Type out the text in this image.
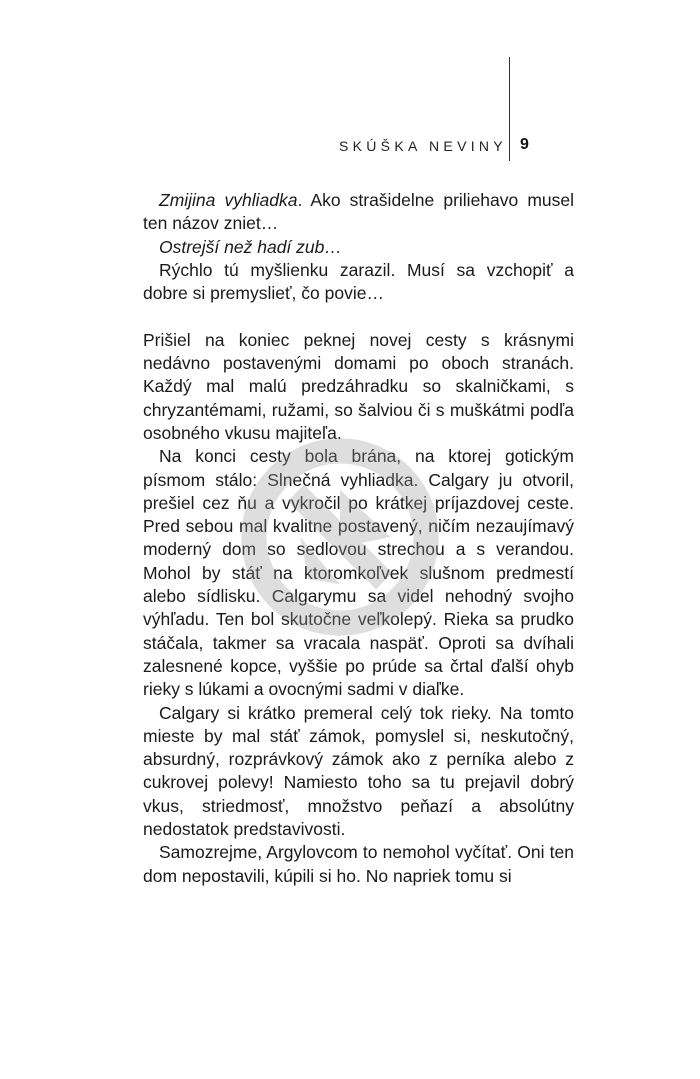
SKÚŠKA NEVINY 9

Zmijina vyhliadka. Ako strašidelne priliehavo musel ten názov zniet…

Ostrejší než hadí zub…

Rýchlo tú myšlienku zarazil. Musí sa vzchopiť a dobre si premyslieť, čo povie…

Prišiel na koniec peknej novej cesty s krásnymi nedávno postavenými domami po oboch stranách. Každý mal malú predzáhradku so skalničkami, s chryzantémami, ružami, so šalviou či s muškátmi podľa osobného vkusu majiteľa.

Na konci cesty bola brána, na ktorej gotickým písmom stálo: Slnečná vyhliadka. Calgary ju otvoril, prešiel cez ňu a vykročil po krátkej príjazdovej ceste. Pred sebou mal kvalitne postavený, ničím nezaujímavý moderný dom so sedlovou strechou a s verandou. Mohol by stáť na ktoromkoľvek slušnom predmestí alebo sídlisku. Calgarymu sa videl nehodný svojho výhľadu. Ten bol skutočne veľkolepý. Rieka sa prudko stáčala, takmer sa vracala naspäť. Oproti sa dvíhali zalesnené kopce, vyššie po prúde sa črtal ďalší ohyb rieky s lúkami a ovocnými sadmi v diaľke.

Calgary si krátko premeral celý tok rieky. Na tomto mieste by mal stáť zámok, pomyslel si, neskutočný, absurdný, rozprávkový zámok ako z perníka alebo z cukrovej polevy! Namiesto toho sa tu prejavil dobrý vkus, striedmosť, množstvo peňazí a absolútny nedostatok predstavivosti.

Samozrejme, Argylovcom to nemohol vyčítať. Oni ten dom nepostavili, kúpili si ho. No napriek tomu si
